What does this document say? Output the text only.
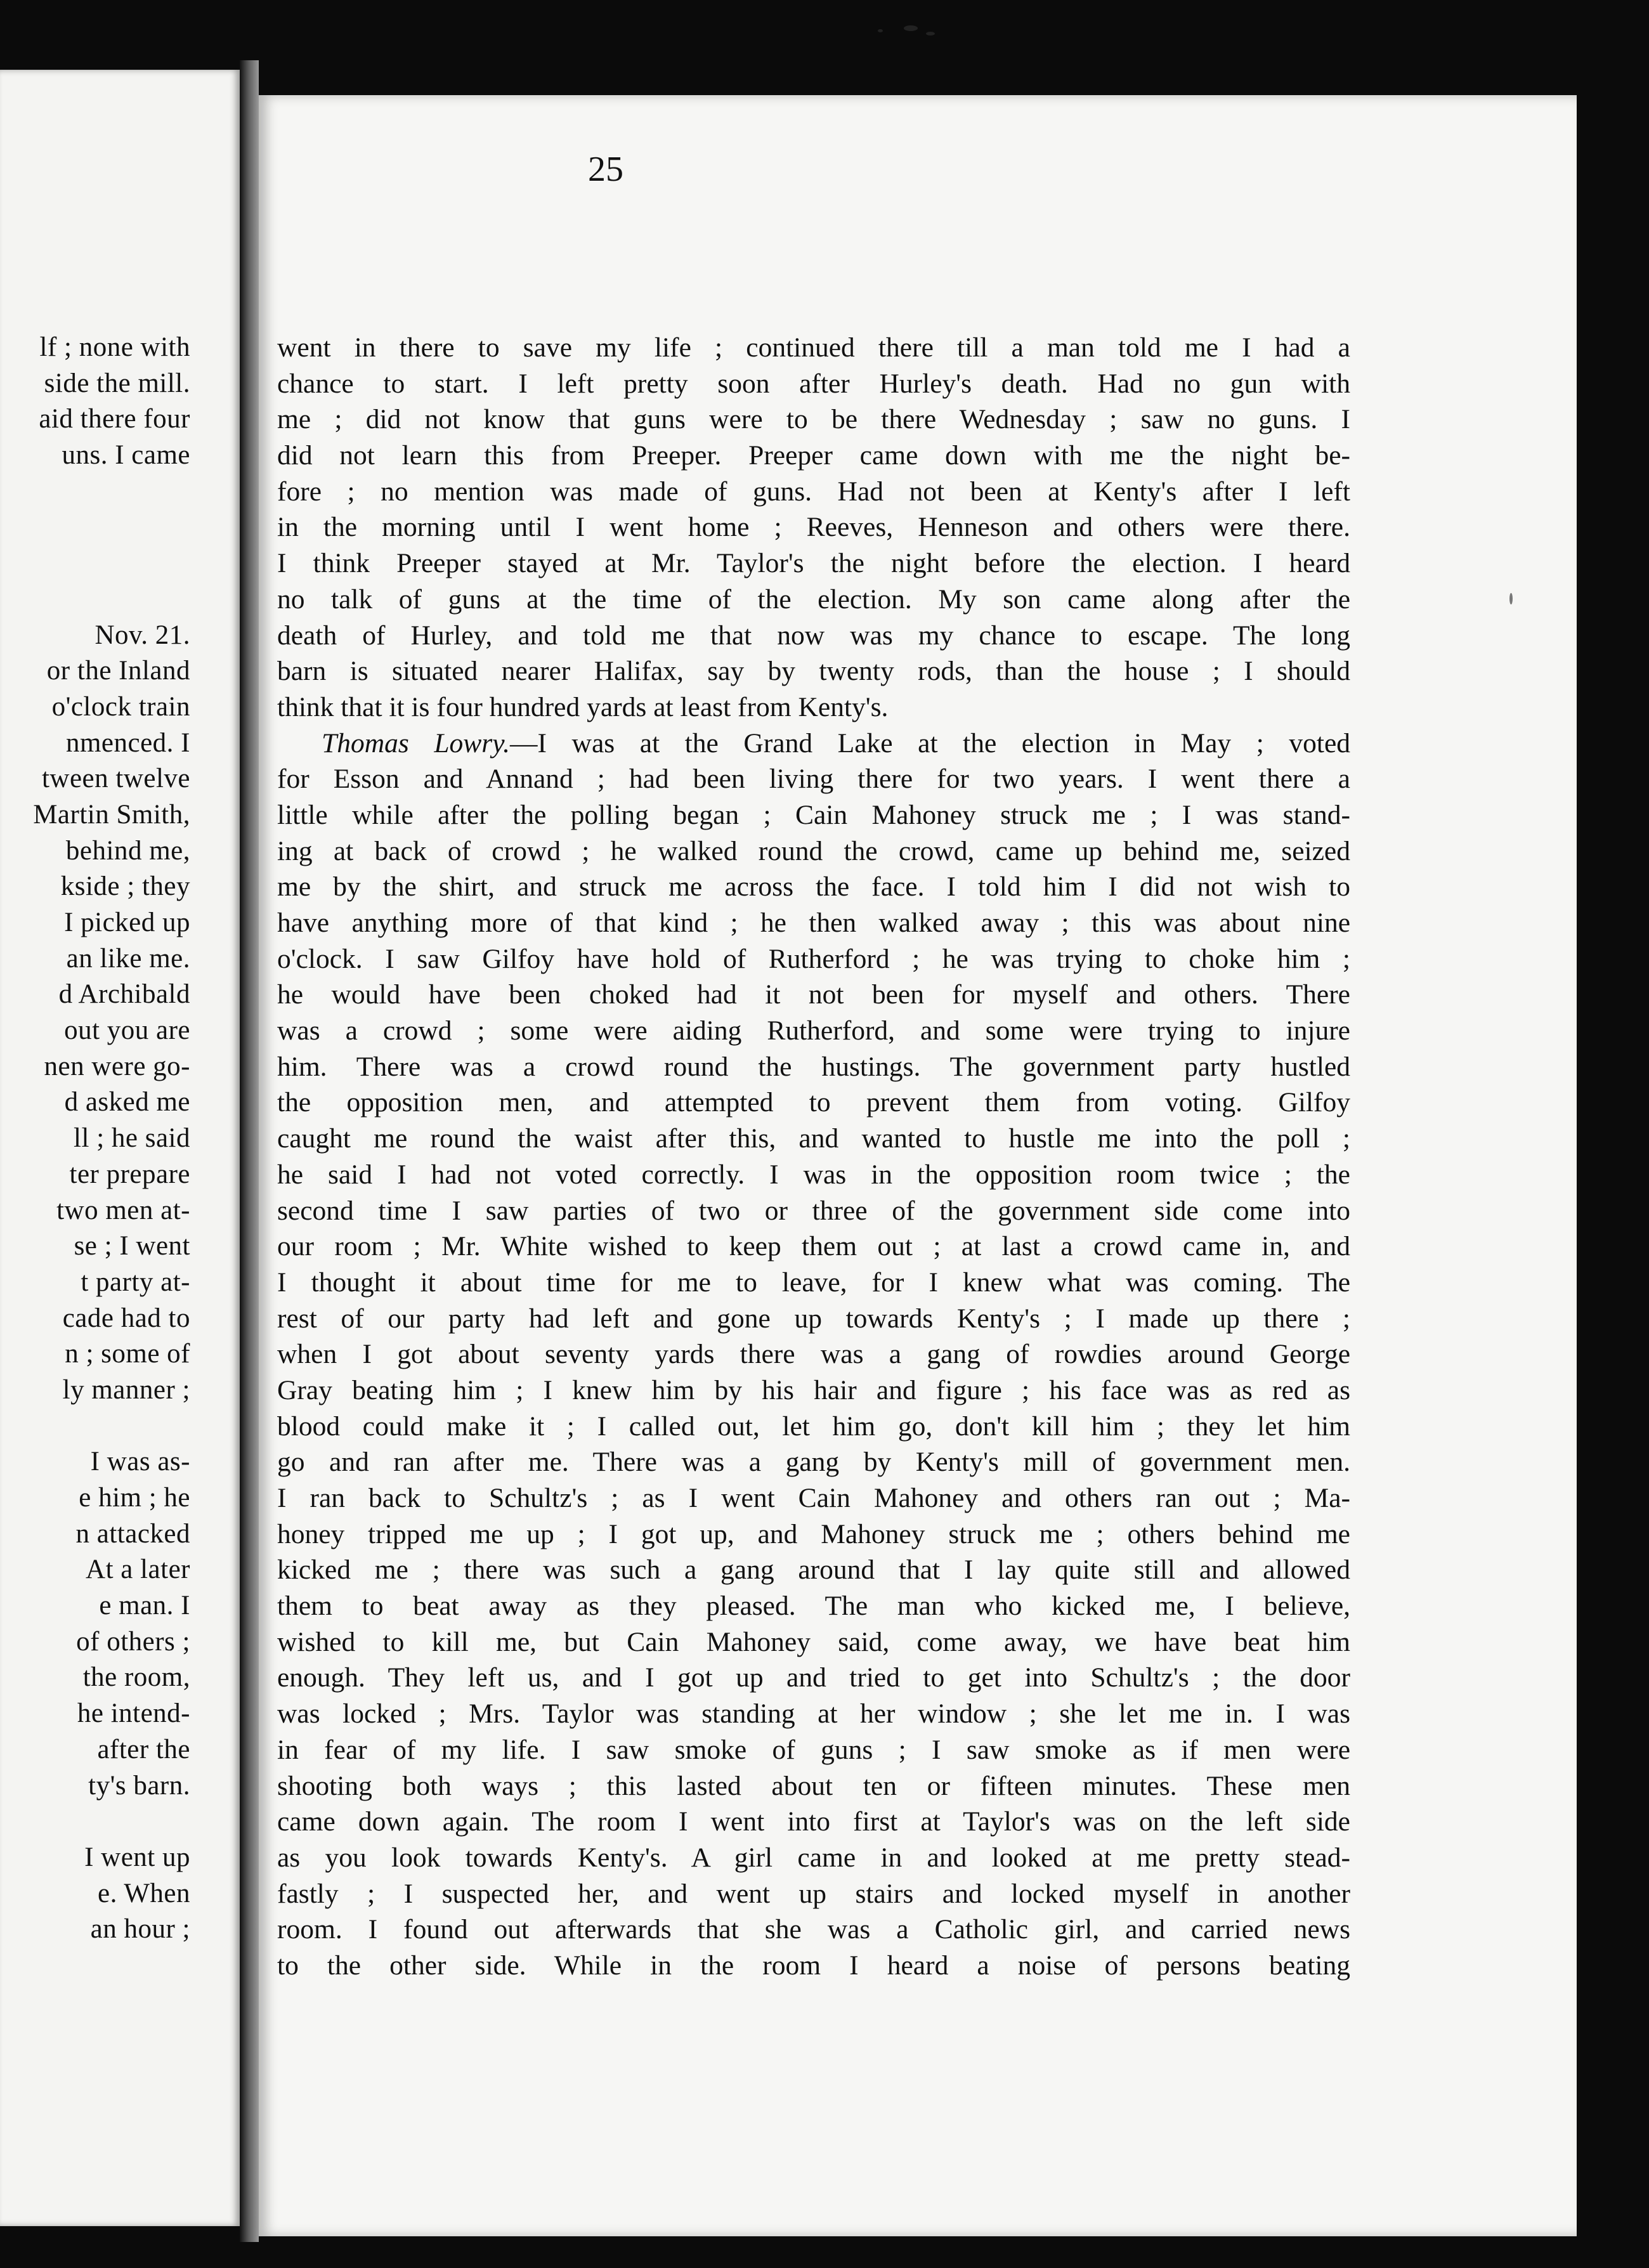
lf ; none with
side the mill.
aid there four
uns. I came
Nov. 21.
or the Inland
o'clock train
nmenced. I
tween twelve
Martin Smith,
behind me,
kside ; they
I picked up
an like me.
d Archibald
out you are
nen were go-
d asked me
ll ; he said
ter prepare
two men at-
se ; I went
t party at-
cade had to
n ; some of
ly manner ;
I was as-
e him ; he
n attacked
At a later
e man. I
of others ;
the room,
he intend-
after the
ty's barn.
I went up
e. When
an hour ;
25
went in there to save my life ; continued there till a man told me I had a
chance to start. I left pretty soon after Hurley's death. Had no gun with
me ; did not know that guns were to be there Wednesday ; saw no guns. I
did not learn this from Preeper. Preeper came down with me the night be-
fore ; no mention was made of guns. Had not been at Kenty's after I left
in the morning until I went home ; Reeves, Henneson and others were there.
I think Preeper stayed at Mr. Taylor's the night before the election. I heard
no talk of guns at the time of the election. My son came along after the
death of Hurley, and told me that now was my chance to escape. The long
barn is situated nearer Halifax, say by twenty rods, than the house ; I should
think that it is four hundred yards at least from Kenty's.
Thomas Lowry.—I was at the Grand Lake at the election in May ; voted
for Esson and Annand ; had been living there for two years. I went there a
little while after the polling began ; Cain Mahoney struck me ; I was stand-
ing at back of crowd ; he walked round the crowd, came up behind me, seized
me by the shirt, and struck me across the face. I told him I did not wish to
have anything more of that kind ; he then walked away ; this was about nine
o'clock. I saw Gilfoy have hold of Rutherford ; he was trying to choke him ;
he would have been choked had it not been for myself and others. There
was a crowd ; some were aiding Rutherford, and some were trying to injure
him. There was a crowd round the hustings. The government party hustled
the opposition men, and attempted to prevent them from voting. Gilfoy
caught me round the waist after this, and wanted to hustle me into the poll ;
he said I had not voted correctly. I was in the opposition room twice ; the
second time I saw parties of two or three of the government side come into
our room ; Mr. White wished to keep them out ; at last a crowd came in, and
I thought it about time for me to leave, for I knew what was coming. The
rest of our party had left and gone up towards Kenty's ; I made up there ;
when I got about seventy yards there was a gang of rowdies around George
Gray beating him ; I knew him by his hair and figure ; his face was as red as
blood could make it ; I called out, let him go, don't kill him ; they let him
go and ran after me. There was a gang by Kenty's mill of government men.
I ran back to Schultz's ; as I went Cain Mahoney and others ran out ; Ma-
honey tripped me up ; I got up, and Mahoney struck me ; others behind me
kicked me ; there was such a gang around that I lay quite still and allowed
them to beat away as they pleased. The man who kicked me, I believe,
wished to kill me, but Cain Mahoney said, come away, we have beat him
enough. They left us, and I got up and tried to get into Schultz's ; the door
was locked ; Mrs. Taylor was standing at her window ; she let me in. I was
in fear of my life. I saw smoke of guns ; I saw smoke as if men were
shooting both ways ; this lasted about ten or fifteen minutes. These men
came down again. The room I went into first at Taylor's was on the left side
as you look towards Kenty's. A girl came in and looked at me pretty stead-
fastly ; I suspected her, and went up stairs and locked myself in another
room. I found out afterwards that she was a Catholic girl, and carried news
to the other side. While in the room I heard a noise of persons beating
